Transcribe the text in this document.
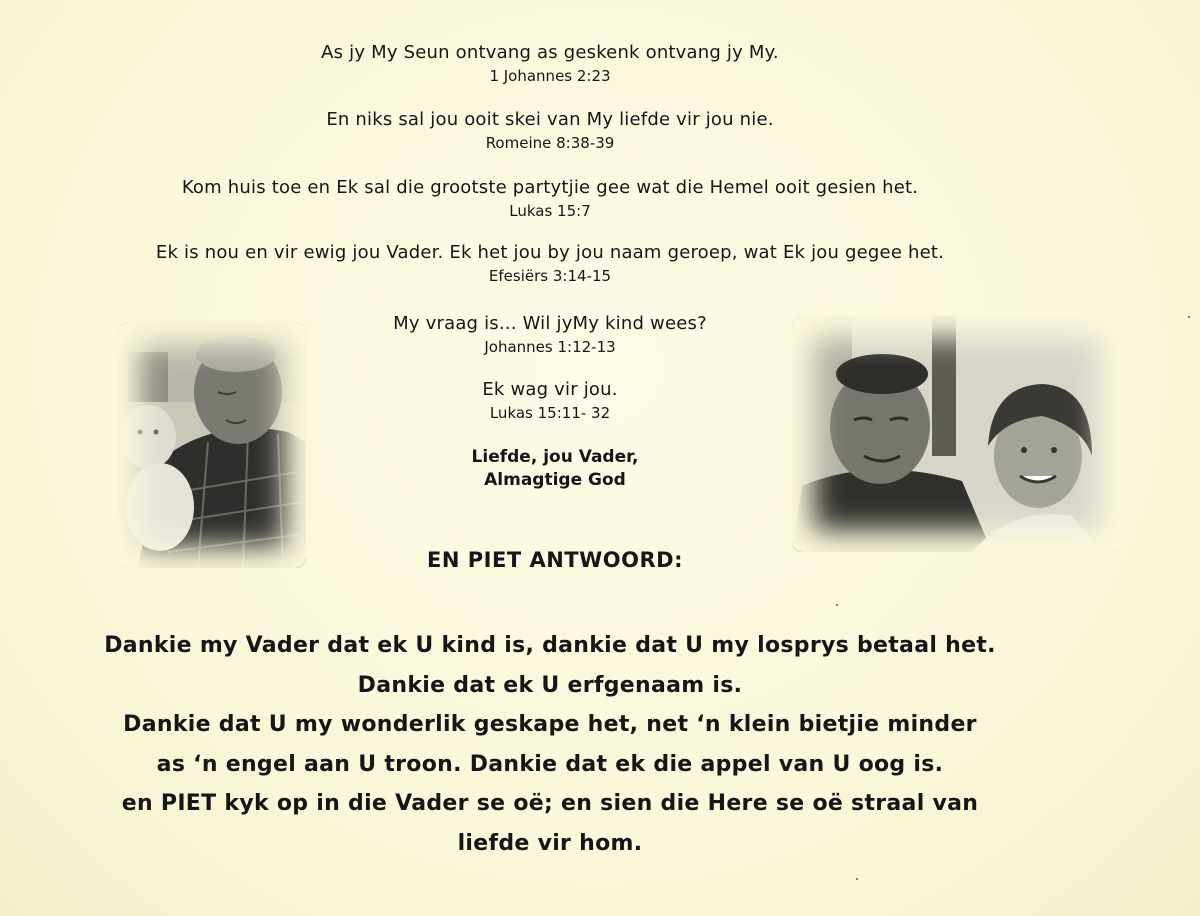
As jy My Seun ontvang as geskenk ontvang jy My.
1 Johannes 2:23
En niks sal jou ooit skei van My liefde vir jou nie.
Romeine 8:38-39
Kom huis toe en Ek sal die grootste partytjie gee wat die Hemel ooit gesien het.
Lukas 15:7
Ek is nou en vir ewig jou Vader. Ek het jou by jou naam geroep, wat Ek jou gegee het.
Efesiërs 3:14-15
My vraag is... Wil jyMy kind wees?
Johannes 1:12-13
Ek wag vir jou.
Lukas 15:11- 32
Liefde, jou Vader,
Almagtige God
EN PIET ANTWOORD:
Dankie my Vader dat ek U kind is, dankie dat U my losprys betaal het.
Dankie dat ek U erfgenaam is.
Dankie dat U my wonderlik geskape het, net ‘n klein bietjie minder
as ‘n engel aan U troon. Dankie dat ek die appel van U oog is.
en PIET kyk op in die Vader se oë; en sien die Here se oë straal van
liefde vir hom.
